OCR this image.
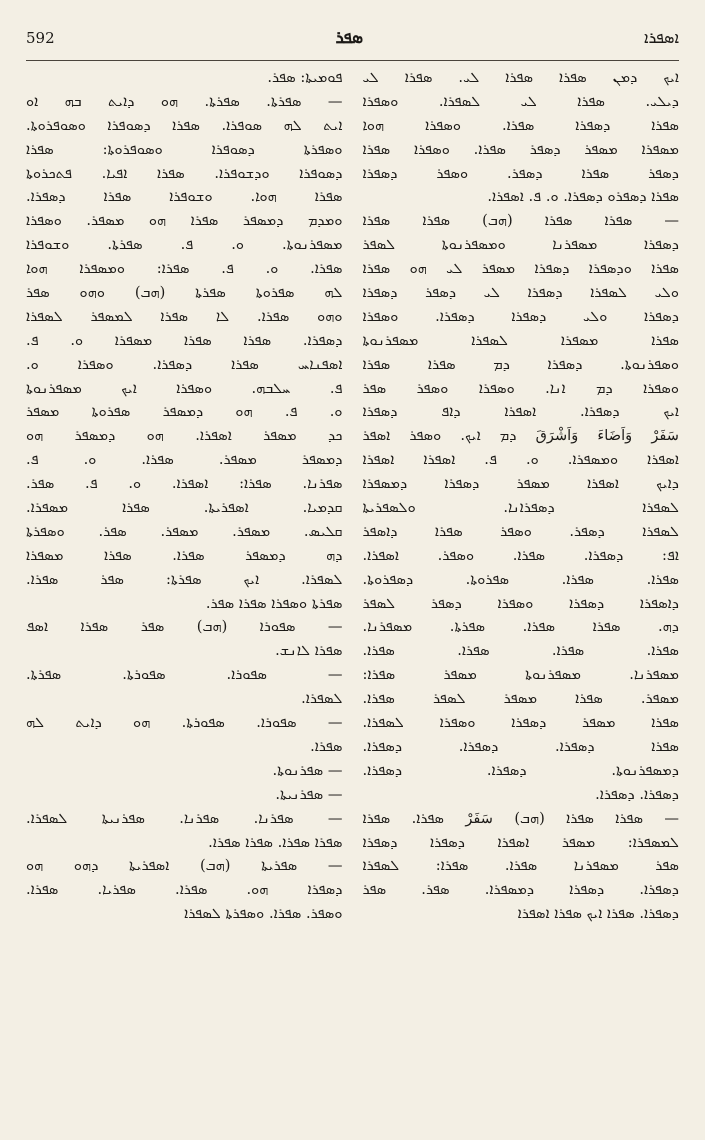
592	ܣܦܪ	ܐܣܦܪܐ
ܦܘܡܝܬܐ: ܣܦܪ.
— ܣܦܪܬܐ. ܣܦܪܬܐ. ܗܘ ܕܐܝܬ ܒܗ ܐܘ
ܐܝܬ ܠܗ ܣܘܦܪܐ. ܣܦܪܐ ܕܣܘܦܪܐ ܘܣܘܦܪܘܬܐ.
ܘܣܦܪܬܐ ܕܣܘܦܪܐ ܘܣܘܦܪܘܬܐ: ܣܦܪܐ
ܕܣܘܦܪܐ ܘܕܫܘܦܪܐ. ܣܦܪܐ ܐܦܝܐ. ܦܬܟܪܘܬܐ
ܣܦܪܐ ܗܘܐ. ܘܫܘܦܪܐ ܣܦܪܐ ܕܣܦܪܐ.
ܘܡܕܡ ܕܡܣܦܪ ܣܦܪܐ ܗܘ ܡܣܦܪ. ܘܣܦܪܐ
ܡܣܦܪܢܘܬܐ. ܘ. ܦ. ܣܦܪܬܐ. ܘܫܘܦܪܐ
ܣܦܪܐ. ܘ. ܦ. ܣܦܪܐ: ܘܡܣܦܪܐ ܗܘܐ
ܠܗ ܣܦܪܘܬܐ ܣܦܪܬܐ (ܗܒ) ܘܗܘ ܣܦܪ
ܘܗܘ ܣܦܪܐ. ܠܐ ܣܦܪܐ ܠܡܣܦܪ ܠܣܦܪܐ
ܕܣܦܪܐ. ܣܦܪܐ ܣܦܪܐ ܡܣܦܪܐ ܘ. ܦ.
ܐܣܦܢܐܚ ܣܦܪܐ ܕܣܦܪܐ. ܘܣܦܪܐ ܘ.
ܦ. ܚܠܒܗ. ܘܣܦܪܐ ܐܝܟ ܡܣܦܪܢܘܬܐ
ܘ. ܦ. ܗܘ ܕܡܣܦܪ ܣܦܪܘܬܐ ܡܣܦܪ
ܟܕ ܡܣܦܪ ܐܣܦܪܐ. ܗܘ ܕܡܣܦܪ ܗܘ
ܕܡܣܦܪ ܡܣܦܪ. ܣܦܪܐ. ܘ. ܦ.
ܣܦܪܢܐ. ܣܦܪܐ: ܐܣܦܪܐ. ܘ. ܦ. ܣܦܪ.
ܩܕܡܝܐ. ܐܣܦܪܝܬܐ. ܣܦܪܐ ܡܣܦܪܐ.
ܩܠܝܣ. ܡܣܦܪ. ܡܣܦܪ. ܣܦܪ. ܘܣܦܪܬܐ
ܕܗ ܕܡܣܦܪ ܣܦܪܐ. ܣܦܪܐ ܡܣܦܪܐ
ܠܣܦܪܐ. ܐܝܟ ܣܦܪܬܐ: ܣܦܪ ܣܦܪܐ.
ܣܦܪܬܐ ܘܣܦܪܐ ܣܦܪܐ ܣܦܪ.
— ܣܦܘܪܐ (ܗܒ) ܣܦܪ ܣܦܪܐ ܐܣܦ
ܣܦܪܐ ܠܐܢܫ.
— ܣܦܘܪܐ. ܣܦܘܪܬܐ. ܣܦܪܬܐ.
ܠܣܦܪܐ.
— ܣܦܘܪܐ. ܣܦܘܪܬܐ. ܗܘ ܕܐܝܬ ܠܗ
ܣܦܪܐ.
— ܣܦܪܢܘܬܐ.
— ܣܦܪܢܝܬܐ.
— ܣܦܪܢܐ. ܣܦܪܢܐ. ܣܦܪܢܝܬܐ ܠܣܦܪܐ.
ܣܦܪܐ ܣܦܪܐ. ܣܦܪܐ ܣܦܪܐ.
— ܣܦܪܝܬܐ (ܗܒ) ܐܣܦܪܝܬܐ ܕܗܘ ܗܘ
ܕܣܦܪܐ ܗܘ. ܣܦܪܐ. ܣܦܪܝܐ. ܣܦܪܐ.
ܘܣܦܪ. ܣܦܪܐ. ܘܣܦܪܬܐ ܠܣܦܪܐ
ܐܝܟ ܕܡܢ ܣܦܪܐ ܣܦܪܐ ܠܝ. ܣܦܪܐ ܠܝ
ܕܝܠܝ. ܣܦܪܐ ܠܝ ܠܣܦܪܐ. ܘܣܦܪܐ
ܣܦܪܐ ܕܣܦܪܐ ܣܦܪܐ. ܘܣܦܪܐ ܗܘܐ
ܡܣܦܪܐ ܡܣܦܪ ܕܣܦܪ ܣܦܪܐ. ܘܣܦܪܐ ܣܦܪܐ
ܕܣܦܪ ܣܦܪܐ ܕܣܦܪ. ܘܣܦܪ ܕܣܦܪܐ
ܣܦܪܐ ܕܣܦܪܘ ܕܣܦܪܐ. ܘ. ܦ. ܐܣܦܪܐ.
— ܣܦܪܐ ܣܦܪܐ (ܗܒ) ܣܦܪܐ ܣܦܪܐ
ܕܣܦܪܐ ܡܣܦܪܢܐ ܘܡܣܦܪܢܘܬܐ ܠܣܦܪ
ܣܦܪܐ ܘܕܣܦܪܐ ܕܣܦܪܐ ܡܣܦܪ ܠܝ ܗܘ ܣܦܪܐ
ܘܠܝ ܠܣܦܪܐ ܕܣܦܪܐ ܠܝ ܕܣܦܪ ܕܣܦܪܐ
ܕܣܦܪܐ ܘܠܝ ܕܣܦܪܐ ܕܣܦܪܐ. ܘܣܦܪܐ
ܣܦܪܐ ܡܣܦܪܐ ܠܣܦܪܐ ܡܣܦܪܢܘܬܐ
ܘܣܦܪܢܘܬܐ. ܕܣܦܪܐ ܕܡ ܣܦܪܐ ܣܦܪܐ
ܘܣܦܪܐ ܕܡ ܐܢܐ. ܘܣܦܪܐ ܘܣܦܪ ܣܦܪ
ܐܝܟ ܕܣܦܪܐ. ܐܣܦܪܐ ܕܐܦ ܕܣܦܪܐ
سَفَرْ وَاَضَاءَ وَاَشْرَقَ ܕܡ ܐܝܟ. ܘܣܦܪ ܐܣܦܪ
ܐܣܦܪܐ ܘܡܣܦܪܐ. ܘ. ܦ. ܐܣܦܪܐ ܐܣܦܪܐ
ܕܐܝܟ ܐܣܦܪܐ ܡܣܦܪ ܕܣܦܪܐ ܕܡܣܦܪܐ
ܠܣܦܪܐ ܕܣܦܪܐܢܐ. ܘܠܣܦܪܝܬܐ
ܠܣܦܪܐ ܕܣܦܪ. ܘܣܦܪ ܣܦܪܐ ܕܐܣܦܪ
ܐܦ: ܕܣܦܪܐ. ܣܦܪܐ. ܘܣܦܪ. ܐܣܦܪܐ.
ܣܦܪܐ. ܣܦܪܐ. ܣܦܪܘܬܐ. ܕܣܦܪܘܬܐ.
ܕܐܣܦܪܐ ܕܣܦܪܐ ܘܣܦܪܐ ܕܣܦܪ ܠܣܦܪ
ܕܗ. ܣܦܪܐ ܣܦܪܐ. ܣܦܪܬܐ. ܡܣܦܪܢܐ.
ܣܦܪܐ. ܣܦܪܐ. ܣܦܪܐ. ܣܦܪܐ.
ܡܣܦܪܢܐ. ܡܣܦܪܢܘܬܐ ܡܣܦܪ ܣܦܪܐ:
ܡܣܦܪ. ܣܦܪܐ ܡܣܦܪ ܠܣܦܪ ܣܦܪܐ.
ܣܦܪܐ ܡܣܦܪ ܕܣܦܪܐ ܘܣܦܪܐ ܠܣܦܪܐ.
ܣܦܪܐ ܕܣܦܪܐ. ܕܣܦܪܐ. ܕܣܦܪܐ.
ܕܡܣܦܪܢܘܬܐ. ܕܣܦܪܐ. ܕܣܦܪܐ.
ܕܣܦܪܐ. ܕܣܦܪܐ.
— ܣܦܪܐ ܣܦܪܐ (ܗܒ) سَفَرْ ܣܦܪܐ. ܣܦܪܐ
ܠܡܣܦܪܐ: ܡܣܦܪ ܐܣܦܪܐ ܕܣܦܪܐ ܕܣܦܪܐ
ܣܦܪ ܡܣܦܪܢܐ ܣܦܪܐ. ܣܦܪܐ: ܠܣܦܪܐ
ܕܣܦܪܐ. ܕܣܦܪܐ ܕܡܣܦܪܐ. ܣܦܪ. ܣܦܪ
ܕܣܦܪܐ. ܣܦܪܐ ܐܝܟ ܣܦܪܐ ܐܣܦܪܐ
